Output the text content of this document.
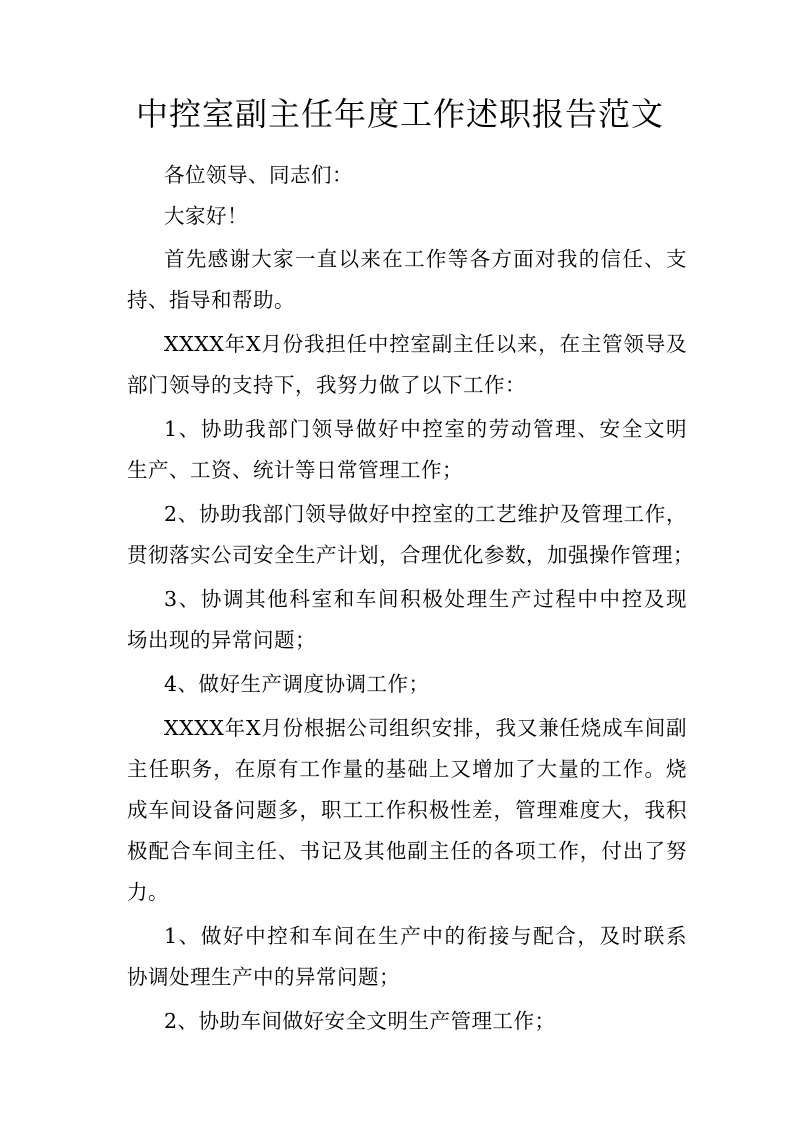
中控室副主任年度工作述职报告范文
各位领导、同志们：
大家好！
首先感谢大家一直以来在工作等各方面对我的信任、支
持、指导和帮助。
XXXX年X月份我担任中控室副主任以来，在主管领导及
部门领导的支持下，我努力做了以下工作：
1、协助我部门领导做好中控室的劳动管理、安全文明
生产、工资、统计等日常管理工作；
2、协助我部门领导做好中控室的工艺维护及管理工作，
贯彻落实公司安全生产计划，合理优化参数，加强操作管理；
3、协调其他科室和车间积极处理生产过程中中控及现
场出现的异常问题；
4、做好生产调度协调工作；
XXXX年X月份根据公司组织安排，我又兼任烧成车间副
主任职务，在原有工作量的基础上又增加了大量的工作。烧
成车间设备问题多，职工工作积极性差，管理难度大，我积
极配合车间主任、书记及其他副主任的各项工作，付出了努
力。
1、做好中控和车间在生产中的衔接与配合，及时联系
协调处理生产中的异常问题；
2、协助车间做好安全文明生产管理工作；
